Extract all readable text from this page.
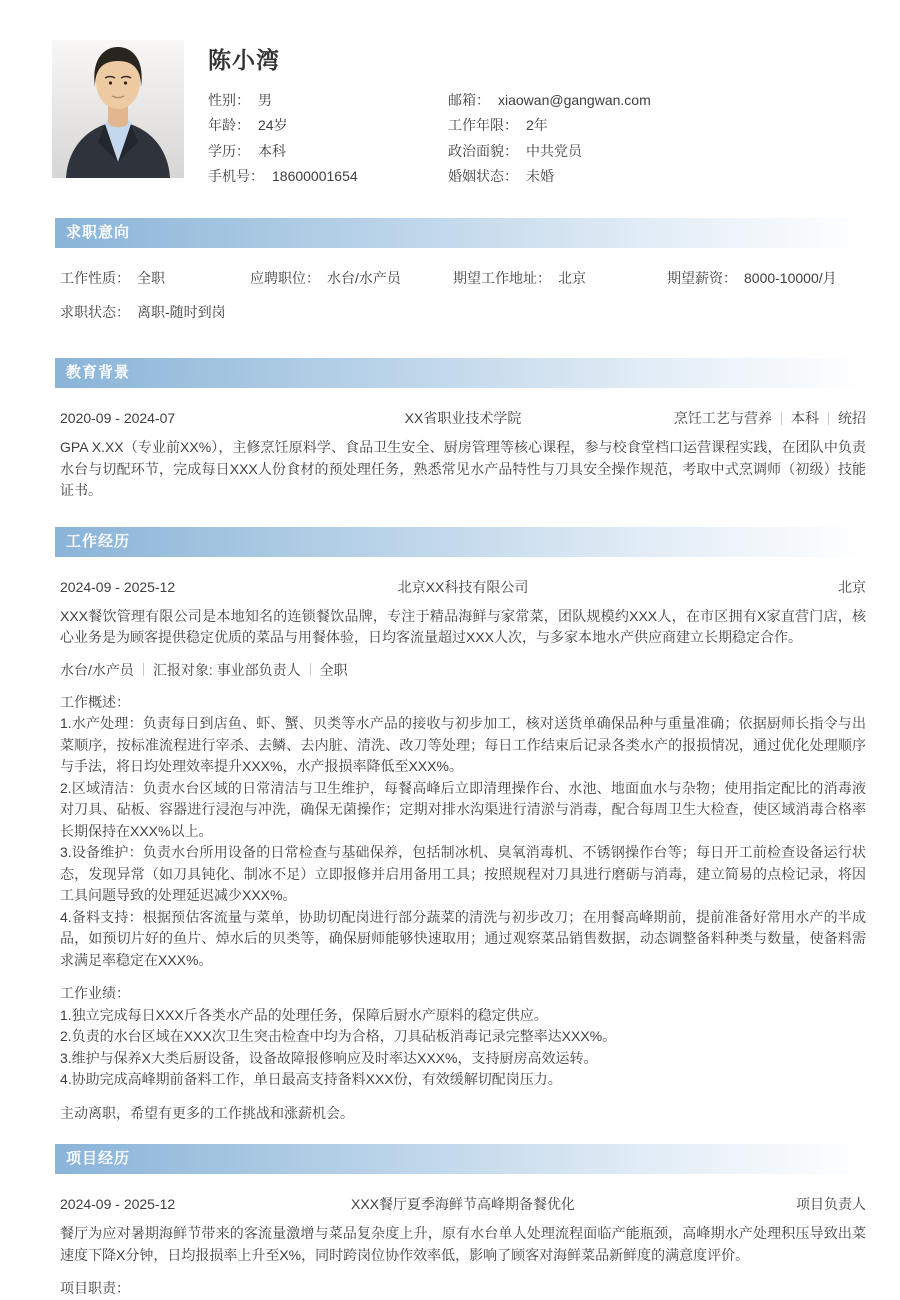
陈小湾
性别： 男
年龄： 24岁
学历： 本科
手机号： 18600001654
邮箱： xiaowan@gangwan.com
工作年限： 2年
政治面貌： 中共党员
婚姻状态： 未婚
求职意向
工作性质： 全职	应聘职位： 水台/水产员	期望工作地址： 北京	期望薪资： 8000-10000/月
求职状态： 离职-随时到岗
教育背景
2020-09 - 2024-07	XX省职业技术学院	烹饪工艺与营养 本科 统招
GPA X.XX（专业前XX%），主修烹饪原料学、食品卫生安全、厨房管理等核心课程，参与校食堂档口运营课程实践，在团队中负责水台与切配环节，完成每日XXX人份食材的预处理任务，熟悉常见水产品特性与刀具安全操作规范，考取中式烹调师（初级）技能证书。
工作经历
2024-09 - 2025-12	北京XX科技有限公司	北京
XXX餐饮管理有限公司是本地知名的连锁餐饮品牌，专注于精品海鲜与家常菜，团队规模约XXX人，在市区拥有X家直营门店，核心业务是为顾客提供稳定优质的菜品与用餐体验，日均客流量超过XXX人次，与多家本地水产供应商建立长期稳定合作。
水台/水产员 汇报对象: 事业部负责人 全职
工作概述：
1.水产处理：负责每日到店鱼、虾、蟹、贝类等水产品的接收与初步加工，核对送货单确保品种与重量准确；依据厨师长指令与出菜顺序，按标准流程进行宰杀、去鳞、去内脏、清洗、改刀等处理；每日工作结束后记录各类水产的报损情况，通过优化处理顺序与手法，将日均处理效率提升XXX%，水产报损率降低至XXX%。
2.区域清洁：负责水台区域的日常清洁与卫生维护，每餐高峰后立即清理操作台、水池、地面血水与杂物；使用指定配比的消毒液对刀具、砧板、容器进行浸泡与冲洗，确保无菌操作；定期对排水沟渠进行清淤与消毒，配合每周卫生大检查，使区域消毒合格率长期保持在XXX%以上。
3.设备维护：负责水台所用设备的日常检查与基础保养，包括制冰机、臭氧消毒机、不锈钢操作台等；每日开工前检查设备运行状态，发现异常（如刀具钝化、制冰不足）立即报修并启用备用工具；按照规程对刀具进行磨砺与消毒，建立简易的点检记录，将因工具问题导致的处理延迟减少XXX%。
4.备料支持：根据预估客流量与菜单，协助切配岗进行部分蔬菜的清洗与初步改刀；在用餐高峰期前，提前准备好常用水产的半成品，如预切片好的鱼片、焯水后的贝类等，确保厨师能够快速取用；通过观察菜品销售数据，动态调整备料种类与数量，使备料需求满足率稳定在XXX%。
工作业绩：
1.独立完成每日XXX斤各类水产品的处理任务，保障后厨水产原料的稳定供应。
2.负责的水台区域在XXX次卫生突击检查中均为合格，刀具砧板消毒记录完整率达XXX%。
3.维护与保养X大类后厨设备，设备故障报修响应及时率达XXX%，支持厨房高效运转。
4.协助完成高峰期前备料工作，单日最高支持备料XXX份，有效缓解切配岗压力。
主动离职，希望有更多的工作挑战和涨薪机会。
项目经历
2024-09 - 2025-12	XXX餐厅夏季海鲜节高峰期备餐优化	项目负责人
餐厅为应对暑期海鲜节带来的客流量激增与菜品复杂度上升，原有水台单人处理流程面临产能瓶颈，高峰期水产处理积压导致出菜速度下降X分钟，日均报损率上升至X%，同时跨岗位协作效率低，影响了顾客对海鲜菜品新鲜度的满意度评价。
项目职责：
